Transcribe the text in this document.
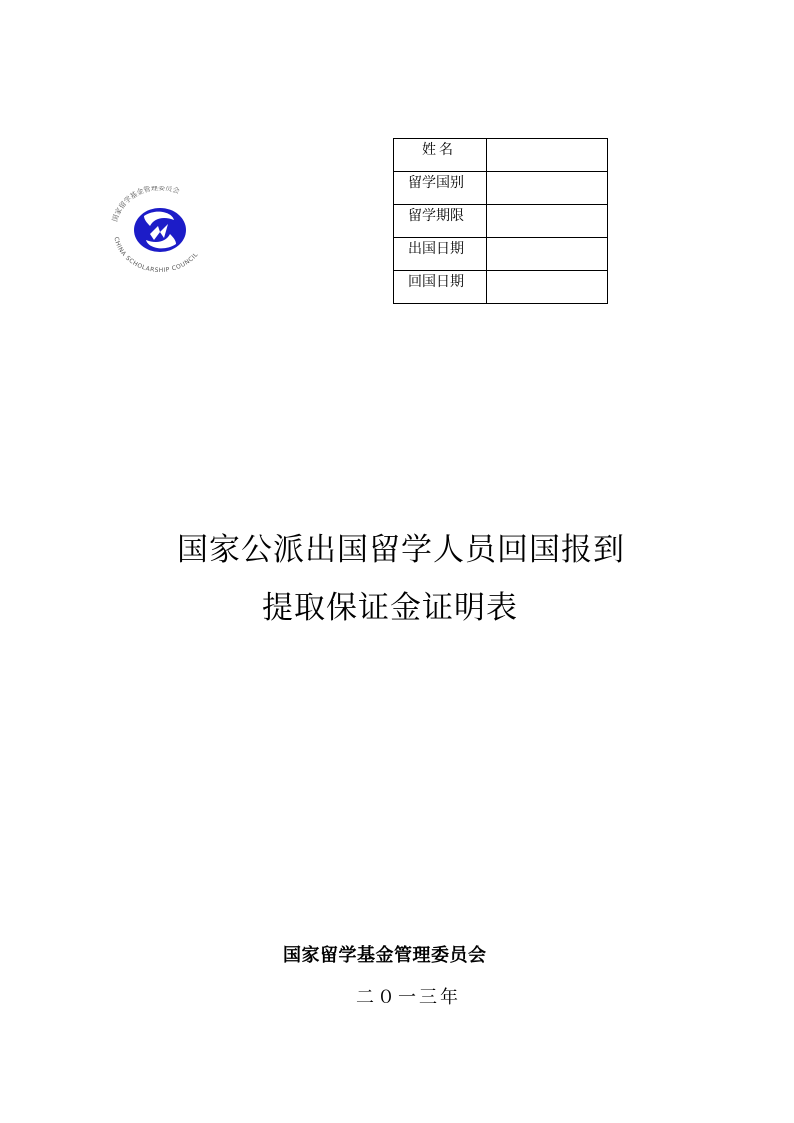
国家留学基金管理委员会
CHINA SCHOLARSHIP COUNCIL
姓名	
留学国别	
留学期限	
出国日期	
回国日期	
国家公派出国留学人员回国报到
提取保证金证明表
国家留学基金管理委员会
二０一三年
